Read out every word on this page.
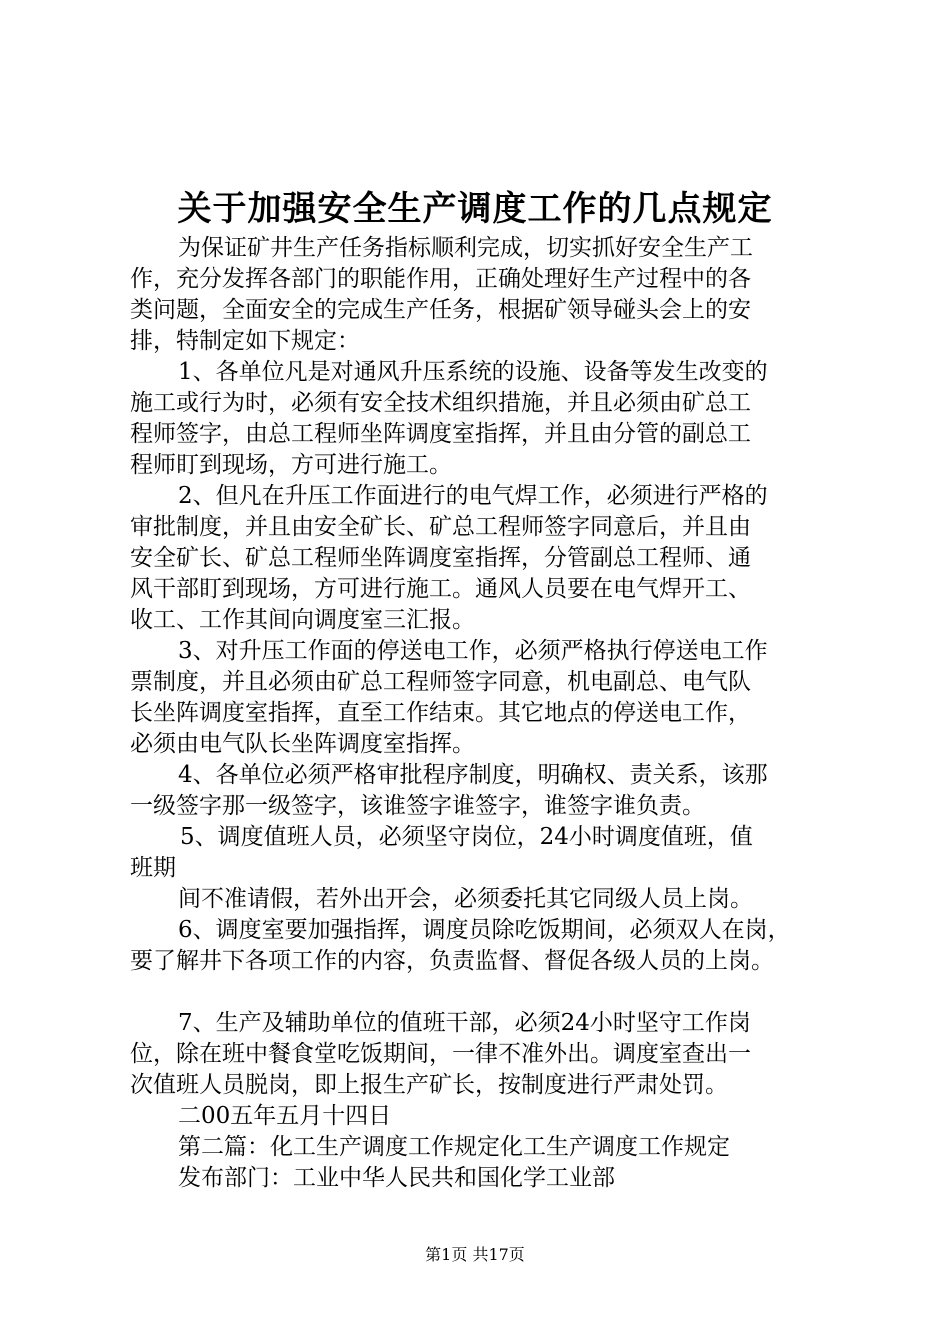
关于加强安全生产调度工作的几点规定
为保证矿井生产任务指标顺利完成，切实抓好安全生产工
作，充分发挥各部门的职能作用，正确处理好生产过程中的各
类问题，全面安全的完成生产任务，根据矿领导碰头会上的安
排，特制定如下规定：
1、各单位凡是对通风升压系统的设施、设备等发生改变的
施工或行为时，必须有安全技术组织措施，并且必须由矿总工
程师签字，由总工程师坐阵调度室指挥，并且由分管的副总工
程师盯到现场，方可进行施工。
2、但凡在升压工作面进行的电气焊工作，必须进行严格的
审批制度，并且由安全矿长、矿总工程师签字同意后，并且由
安全矿长、矿总工程师坐阵调度室指挥，分管副总工程师、通
风干部盯到现场，方可进行施工。通风人员要在电气焊开工、
收工、工作其间向调度室三汇报。
3、对升压工作面的停送电工作，必须严格执行停送电工作
票制度，并且必须由矿总工程师签字同意，机电副总、电气队
长坐阵调度室指挥，直至工作结束。其它地点的停送电工作，
必须由电气队长坐阵调度室指挥。
4、各单位必须严格审批程序制度，明确权、责关系，该那
一级签字那一级签字，该谁签字谁签字，谁签字谁负责。
5、调度值班人员，必须坚守岗位，24小时调度值班，值
班期
间不准请假，若外出开会，必须委托其它同级人员上岗。
6、调度室要加强指挥，调度员除吃饭期间，必须双人在岗，
要了解井下各项工作的内容，负责监督、督促各级人员的上岗。
7、生产及辅助单位的值班干部，必须24小时坚守工作岗
位，除在班中餐食堂吃饭期间，一律不准外出。调度室查出一
次值班人员脱岗，即上报生产矿长，按制度进行严肃处罚。
二00五年五月十四日
第二篇：化工生产调度工作规定化工生产调度工作规定
发布部门：工业中华人民共和国化学工业部
第1页 共17页
